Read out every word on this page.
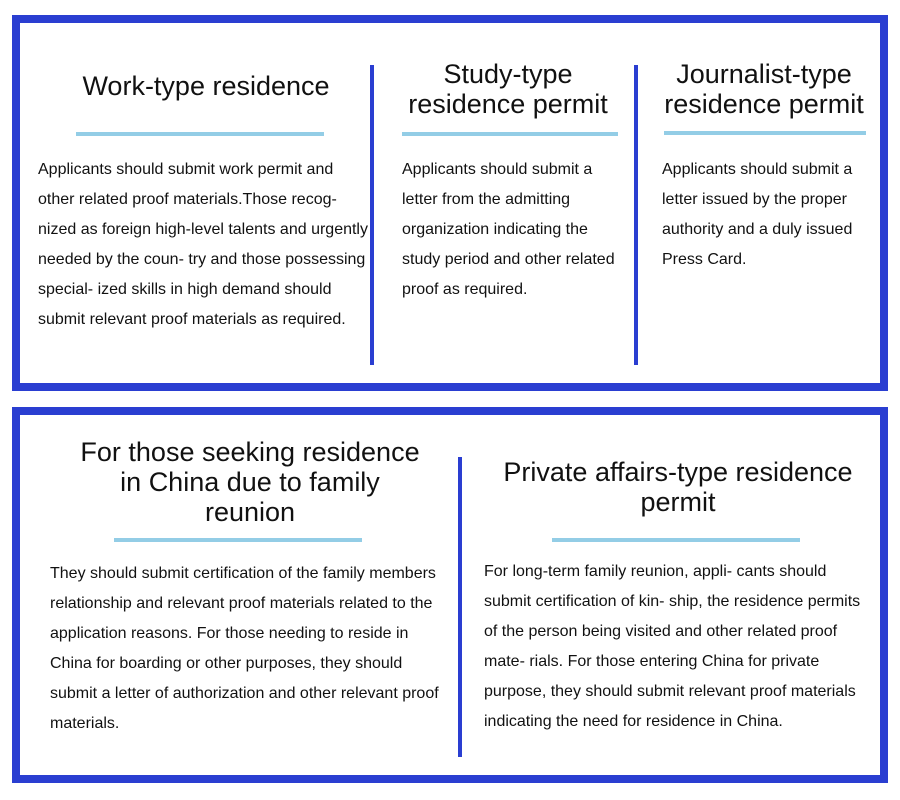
Work-type residence

Applicants should submit work permit and other related proof materials.Those recog- nized as foreign high-level talents and urgently needed by the coun- try and those possessing special- ized skills in high demand should submit relevant proof materials as required.

Study-type residence permit

Applicants should submit a letter from the admitting organization indicating the study period and other related proof as required.

Journalist-type residence permit

Applicants should submit a letter issued by the proper authority and a duly issued Press Card.

For those seeking residence in China due to family reunion

They should submit certification of the family members relationship and relevant proof materials related to the application reasons. For those needing to reside in China for boarding or other purposes, they should submit a letter of authorization and other relevant proof materials.

Private affairs-type residence permit

For long-term family reunion, appli- cants should submit certification of kin- ship, the residence permits of the person being visited and other related proof mate- rials. For those entering China for private purpose, they should submit relevant proof materials indicating the need for residence in China.
